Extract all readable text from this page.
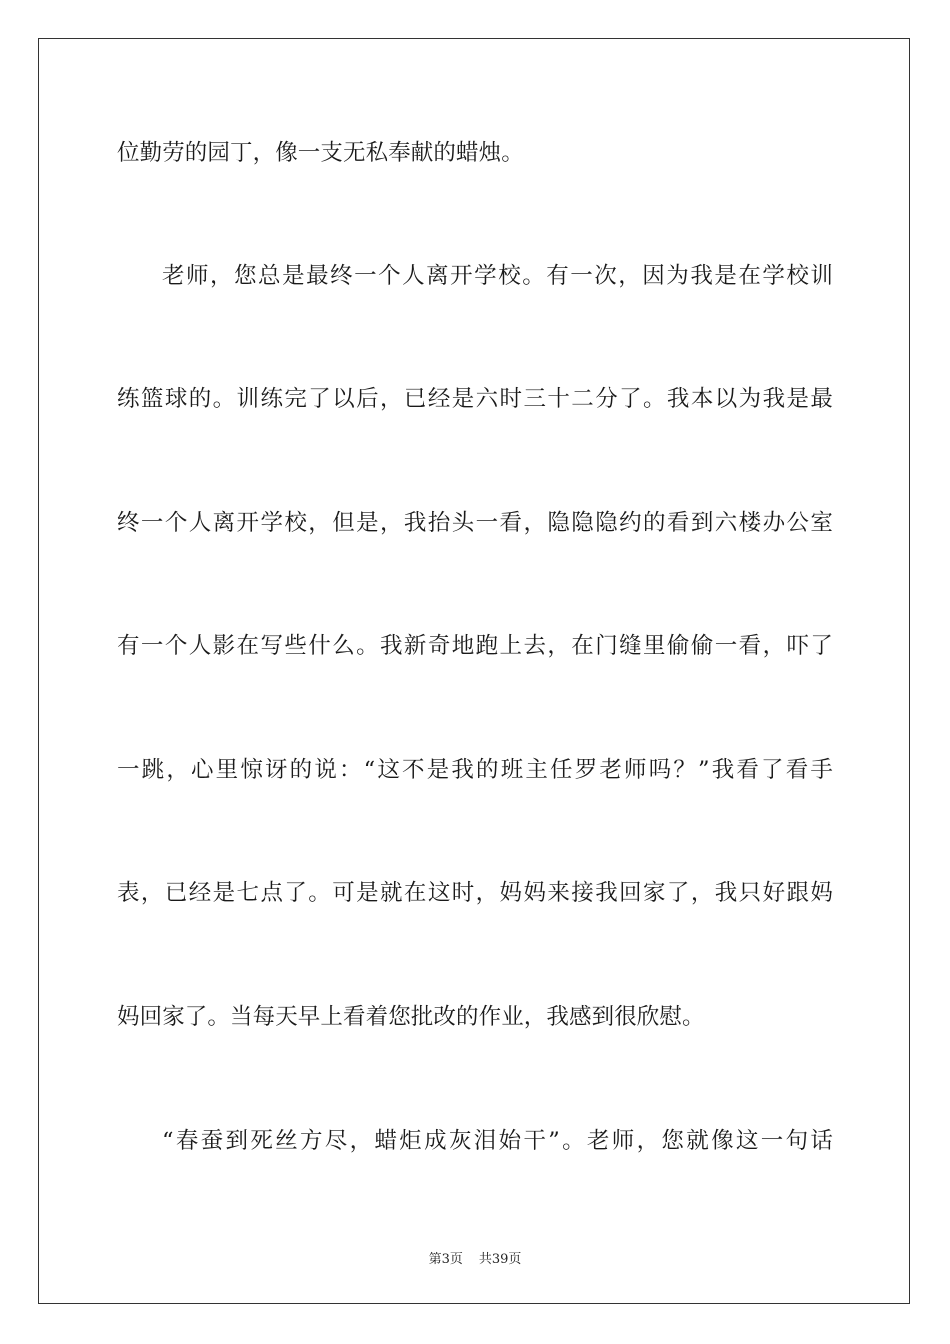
位勤劳的园丁，像一支无私奉献的蜡烛。
老师，您总是最终一个人离开学校。有一次，因为我是在学校训
练篮球的。训练完了以后，已经是六时三十二分了。我本以为我是最
终一个人离开学校，但是，我抬头一看，隐隐隐约的看到六楼办公室
有一个人影在写些什么。我新奇地跑上去，在门缝里偷偷一看，吓了
一跳，心里惊讶的说：“这不是我的班主任罗老师吗？”我看了看手
表，已经是七点了。可是就在这时，妈妈来接我回家了，我只好跟妈
妈回家了。当每天早上看着您批改的作业，我感到很欣慰。
“春蚕到死丝方尽，蜡炬成灰泪始干”。老师，您就像这一句话
第3页 共39页
